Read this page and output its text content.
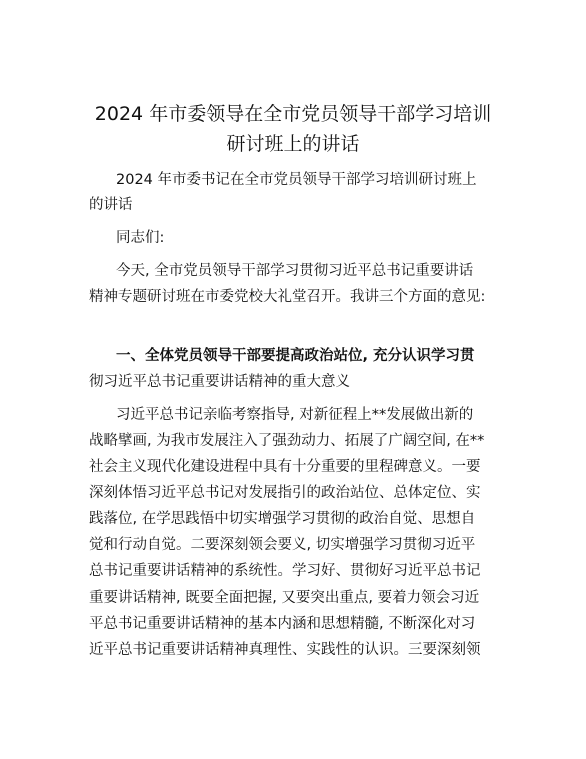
2024 年市委领导在全市党员领导干部学习培训
研讨班上的讲话
2024 年市委书记在全市党员领导干部学习培训研讨班上
的讲话
同志们:
今天, 全市党员领导干部学习贯彻习近平总书记重要讲话
精神专题研讨班在市委党校大礼堂召开。我讲三个方面的意见:
一、全体党员领导干部要提高政治站位, 充分认识学习贯
彻习近平总书记重要讲话精神的重大意义
习近平总书记亲临考察指导, 对新征程上**发展做出新的
战略擘画, 为我市发展注入了强劲动力、拓展了广阔空间, 在**
社会主义现代化建设进程中具有十分重要的里程碑意义。一要
深刻体悟习近平总书记对发展指引的政治站位、总体定位、实
践落位, 在学思践悟中切实增强学习贯彻的政治自觉、思想自
觉和行动自觉。二要深刻领会要义, 切实增强学习贯彻习近平
总书记重要讲话精神的系统性。学习好、贯彻好习近平总书记
重要讲话精神, 既要全面把握, 又要突出重点, 要着力领会习近
平总书记重要讲话精神的基本内涵和思想精髓, 不断深化对习
近平总书记重要讲话精神真理性、实践性的认识。三要深刻领
